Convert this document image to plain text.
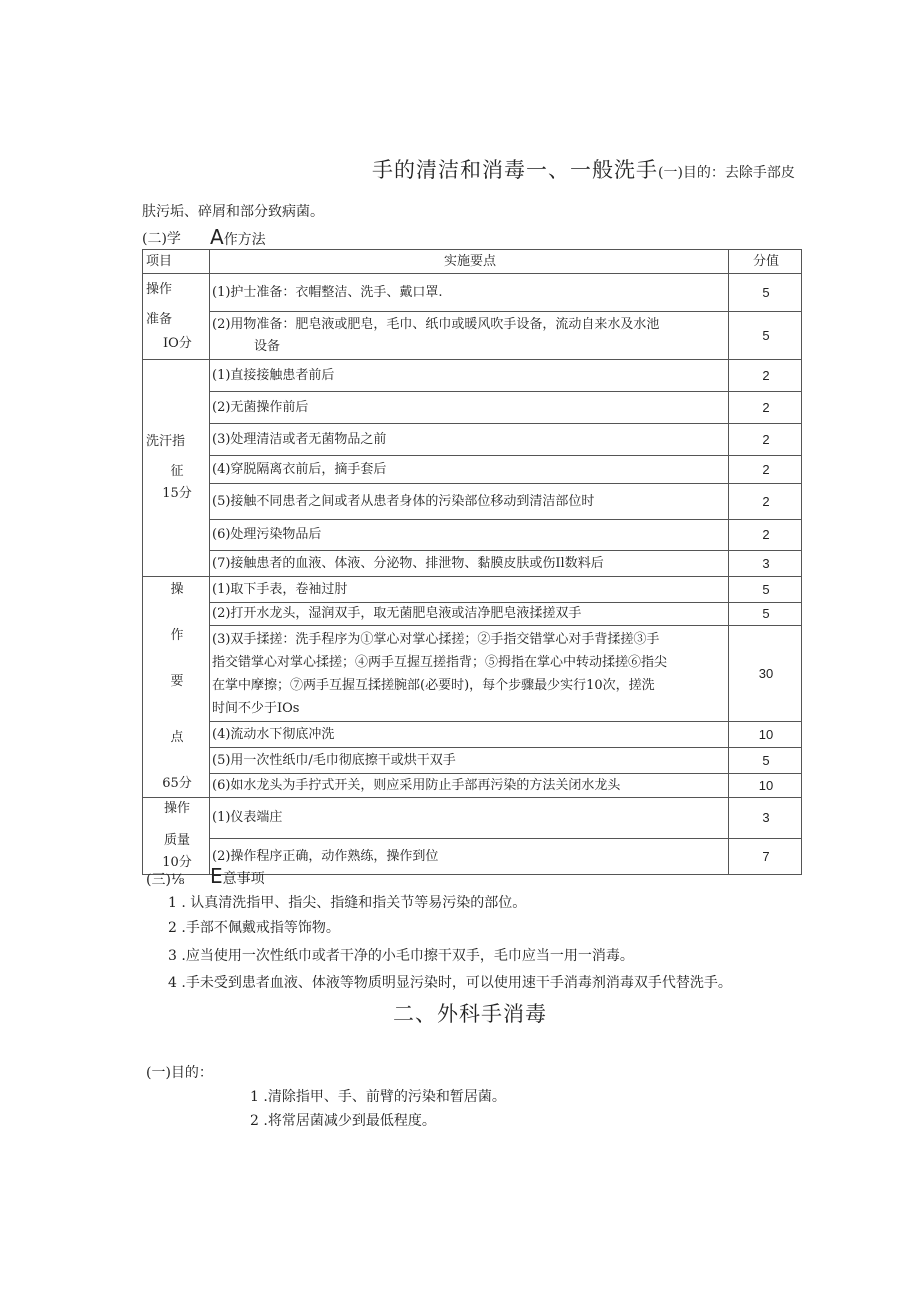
手的清洁和消毒一、一般洗手(一)目的：去除手部皮
肤污垢、碎屑和部分致病菌。
(二)学 A作方法
项目	实施要点	分值

操作
准备
IO分	(1)护士准备：衣帽整洁、洗手、戴口罩.	5

	(2)用物准备：肥皂液或肥皂，毛巾、纸巾或暖风吹手设备，流动自来水及水池
设备	5

洗汗指
征
15分	(1)直接接触患者前后	2
	(2)无菌操作前后	2
	(3)处理清洁或者无菌物品之前	2
	(4)穿脱隔离衣前后，摘手套后	2
	(5)接触不同患者之间或者从患者身体的污染部位移动到清洁部位时	2
	(6)处理污染物品后	2
	(7)接触患者的血液、体液、分泌物、排泄物、黏膜皮肤或伤Il数料后	3

操
作
要
点
65分	(1)取下手表，卷袖过肘	5
	(2)打开水龙头，湿润双手，取无菌肥皂液或洁净肥皂液揉搓双手	5

	(3)双手揉搓：洗手程序为①掌心对掌心揉搓；②手指交错掌心对手背揉搓③手
指交错掌心对掌心揉搓；④两手互握互搓指背；⑤拇指在掌心中转动揉搓⑥指尖
在掌中摩擦；⑦两手互握互揉搓腕部(必要时)，每个步骤最少实行10次，搓洗
时间不少于IOs	30
	(4)流动水下彻底冲洗	10
	(5)用一次性纸巾/毛巾彻底擦干或烘干双手	5
	(6)如水龙头为手拧式开关，则应采用防止手部再污染的方法关闭水龙头	10

操作
质量
10分	(1)仪表端庄	3
	(2)操作程序正确，动作熟练，操作到位	7
(三)⅛ E意事项
1 . 认真清洗指甲、指尖、指缝和指关节等易污染的部位。
2 .手部不佩戴戒指等饰物。
3 .应当使用一次性纸巾或者干净的小毛巾擦干双手，毛巾应当一用一消毒。
4 .手未受到患者血液、体液等物质明显污染时，可以使用速干手消毒剂消毒双手代替洗手。
二、外科手消毒
(一)目的：
1 .清除指甲、手、前臂的污染和暂居菌。
2 .将常居菌减少到最低程度。
